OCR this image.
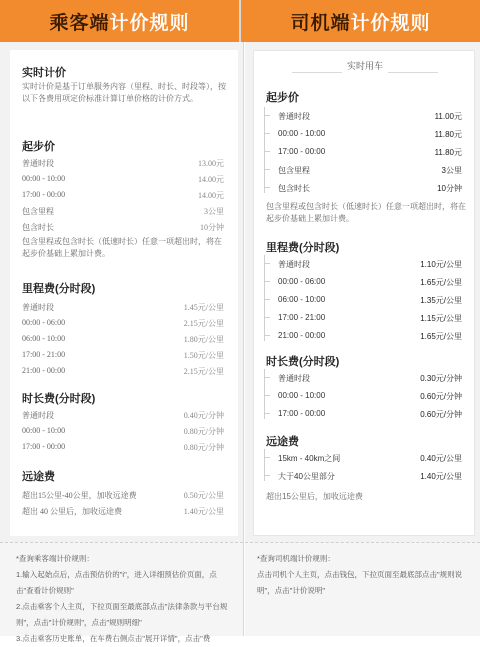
乘客端 计价规则	司机端 计价规则
实时计价
实时计价是基于订单服务内容（里程、时长、时段等），按以下各费用项定价标准计算订单价格的计价方式。
起步价
普通时段	13.00元
00:00 - 10:00	14.00元
17:00 - 00:00	14.00元
包含里程	3公里
包含时长	10分钟
包含里程或包含时长（低速时长）任意一项超出时，将在起步价基础上累加计费。
里程费(分时段)
普通时段	1.45元/公里
00:00 - 06:00	2.15元/公里
06:00 - 10:00	1.80元/公里
17:00 - 21:00	1.50元/公里
21:00 - 00:00	2.15元/公里
时长费(分时段)
普通时段	0.40元/分钟
00:00 - 10:00	0.80元/分钟
17:00 - 00:00	0.80元/分钟
远途费
超出15公里-40公里，加收远途费	0.50元/公里
超出 40 公里后，加收远途费	1.40元/公里

*查询乘客端计价规则：

1.输入起始点后，点击预估价的"i"，进入详细预估价页面，点击"查看计价规则"

2.点击乘客个人主页，下拉页面至最底部点击"法律条款与平台规则"，点击"计价规则"，点击"规则明细"

3.点击乘客历史账单，在车费右侧点击"展开详情"，点击"费

实时用车
起步价
普通时段	11.00元
00:00 - 10:00	11.80元
17:00 - 00:00	11.80元
包含里程	3公里
包含时长	10分钟
包含里程或包含时长（低速时长）任意一项超出时，将在起步价基础上累加计费。
里程费(分时段)
普通时段	1.10元/公里
00:00 - 06:00	1.65元/公里
06:00 - 10:00	1.35元/公里
17:00 - 21:00	1.15元/公里
21:00 - 00:00	1.65元/公里
时长费(分时段)
普通时段	0.30元/分钟
00:00 - 10:00	0.60元/分钟
17:00 - 00:00	0.60元/分钟
远途费
15km - 40km之间	0.40元/公里
大于40公里部分	1.40元/公里
超出15公里后，加收远途费

*查询司机端计价规则：

点击司机个人主页，点击钱包，下拉页面至最底部点击"规则说明"，点击"计价说明"
